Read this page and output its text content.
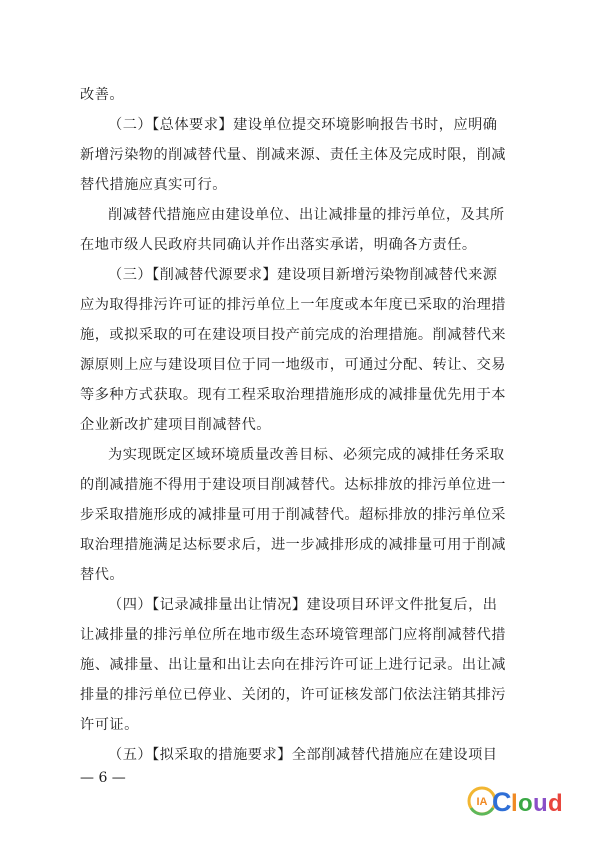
改善。
（二）【总体要求】建设单位提交环境影响报告书时，应明确
新增污染物的削减替代量、削减来源、责任主体及完成时限，削减
替代措施应真实可行。
削减替代措施应由建设单位、出让减排量的排污单位，及其所
在地市级人民政府共同确认并作出落实承诺，明确各方责任。
（三）【削减替代源要求】建设项目新增污染物削减替代来源
应为取得排污许可证的排污单位上一年度或本年度已采取的治理措
施，或拟采取的可在建设项目投产前完成的治理措施。削减替代来
源原则上应与建设项目位于同一地级市，可通过分配、转让、交易
等多种方式获取。现有工程采取治理措施形成的减排量优先用于本
企业新改扩建项目削减替代。
为实现既定区域环境质量改善目标、必须完成的减排任务采取
的削减措施不得用于建设项目削减替代。达标排放的排污单位进一
步采取措施形成的减排量可用于削减替代。超标排放的排污单位采
取治理措施满足达标要求后，进一步减排形成的减排量可用于削减
替代。
（四）【记录减排量出让情况】建设项目环评文件批复后，出
让减排量的排污单位所在地市级生态环境管理部门应将削减替代措
施、减排量、出让量和出让去向在排污许可证上进行记录。出让减
排量的排污单位已停业、关闭的，许可证核发部门依法注销其排污
许可证。
（五）【拟采取的措施要求】全部削减替代措施应在建设项目
— 6 —
IA C l o u d
